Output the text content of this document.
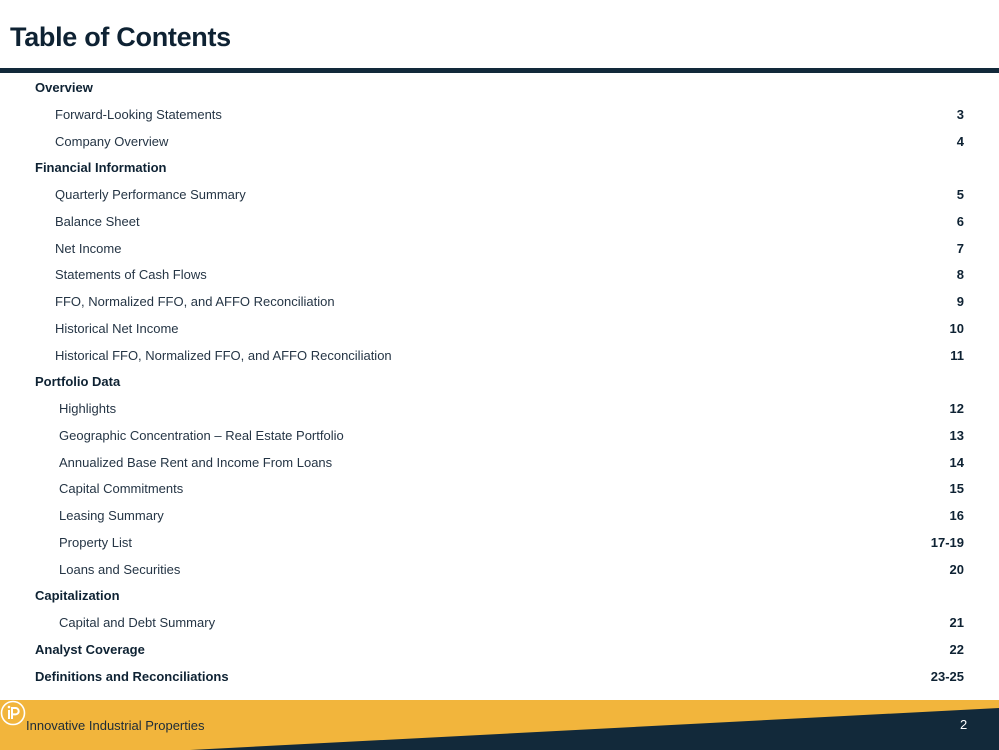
Table of Contents
Overview
Forward-Looking Statements	3
Company Overview	4
Financial Information
Quarterly Performance Summary	5
Balance Sheet	6
Net Income	7
Statements of Cash Flows	8
FFO, Normalized FFO, and AFFO Reconciliation	9
Historical Net Income	10
Historical FFO, Normalized FFO, and AFFO Reconciliation	11
Portfolio Data
Highlights	12
Geographic Concentration – Real Estate Portfolio	13
Annualized Base Rent and Income From Loans	14
Capital Commitments	15
Leasing Summary	16
Property List	17-19
Loans and Securities	20
Capitalization
Capital and Debt Summary	21
Analyst Coverage	22
Definitions and Reconciliations	23-25
Innovative Industrial Properties	2
